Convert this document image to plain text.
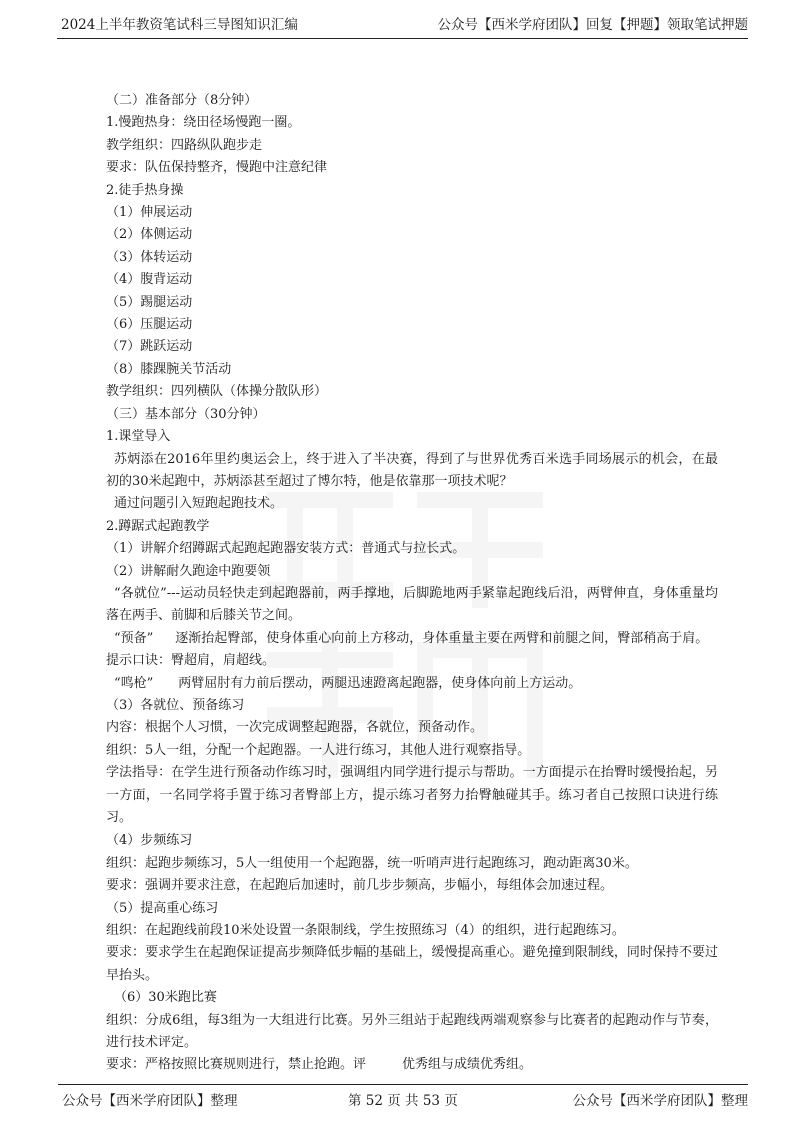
2024上半年教资笔试科三导图知识汇编	公众号【西米学府团队】回复【押题】领取笔试押题

（二）准备部分（8分钟）

1.慢跑热身：绕田径场慢跑一圈。

教学组织：四路纵队跑步走

要求：队伍保持整齐，慢跑中注意纪律

2.徒手热身操

（1）伸展运动

（2）体侧运动

（3）体转运动

（4）腹背运动

（5）踢腿运动

（6）压腿运动

（7）跳跃运动

（8）膝踝腕关节活动

教学组织：四列横队（体操分散队形）

（三）基本部分（30分钟）

1.课堂导入

苏炳添在2016年里约奥运会上，终于进入了半决赛，得到了与世界优秀百米选手同场展示的机会，在最初的30米起跑中，苏炳添甚至超过了博尔特，他是依靠那一项技术呢？

通过问题引入短跑起跑技术。

2.蹲踞式起跑教学

（1）讲解介绍蹲踞式起跑起跑器安装方式：普通式与拉长式。

（2）讲解耐久跑途中跑要领

“各就位”---运动员轻快走到起跑器前，两手撑地，后脚跪地两手紧靠起跑线后沿，两臂伸直，身体重量均落在两手、前脚和后膝关节之间。

“预备” 逐渐抬起臀部，使身体重心向前上方移动，身体重量主要在两臂和前腿之间，臀部稍高于肩。

提示口诀：臀超肩，肩超线。

“鸣枪” 两臂屈肘有力前后摆动，两腿迅速蹬离起跑器，使身体向前上方运动。

（3）各就位、预备练习

内容：根据个人习惯，一次完成调整起跑器，各就位，预备动作。

组织：5人一组，分配一个起跑器。一人进行练习，其他人进行观察指导。

学法指导：在学生进行预备动作练习时，强调组内同学进行提示与帮助。一方面提示在抬臀时缓慢抬起，另一方面，一名同学将手置于练习者臀部上方，提示练习者努力抬臀触碰其手。练习者自己按照口诀进行练习。

（4）步频练习

组织：起跑步频练习，5人一组使用一个起跑器，统一听哨声进行起跑练习，跑动距离30米。

要求：强调并要求注意，在起跑后加速时，前几步步频高，步幅小，每组体会加速过程。

（5）提高重心练习

组织：在起跑线前段10米处设置一条限制线，学生按照练习（4）的组织，进行起跑练习。

要求：要求学生在起跑保证提高步频降低步幅的基础上，缓慢提高重心。避免撞到限制线，同时保持不要过早抬头。

（6）30米跑比赛

组织：分成6组，每3组为一大组进行比赛。另外三组站于起跑线两端观察参与比赛者的起跑动作与节奏，进行技术评定。

要求：严格按照比赛规则进行，禁止抢跑。评	优秀组与成绩优秀组。

公众号【西米学府团队】整理	第 52 页 共 53 页	公众号【西米学府团队】整理
